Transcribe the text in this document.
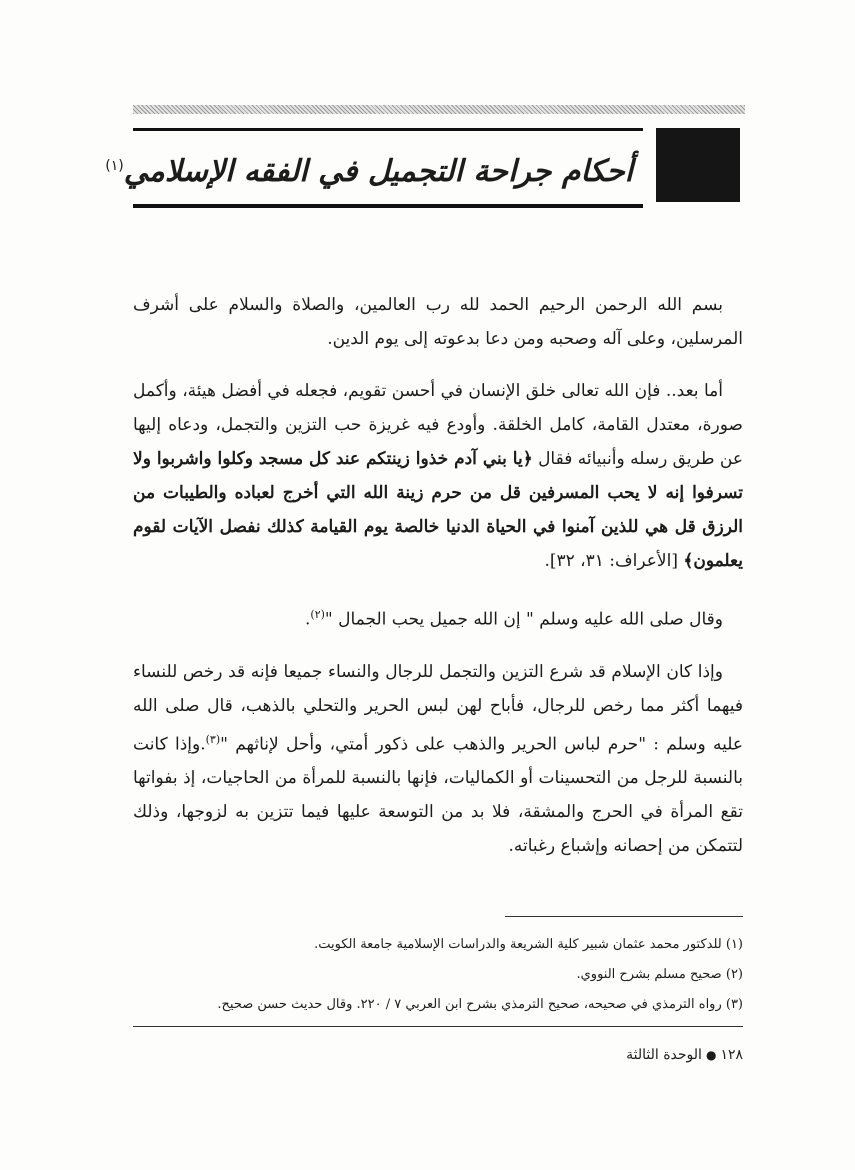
أحكام جراحة التجميل في الفقه الإسلامي$^{(١)}$

بسم الله الرحمن الرحيم الحمد لله رب العالمين، والصلاة والسلام على أشرف المرسلين، وعلى آله وصحبه ومن دعا بدعوته إلى يوم الدين.

أما بعد.. فإن الله تعالى خلق الإنسان في أحسن تقويم، فجعله في أفضل هيئة، وأكمل صورة، معتدل القامة، كامل الخلقة. وأودع فيه غريزة حب التزين والتجمل، ودعاه إليها عن طريق رسله وأنبيائه فقال ﴿يا بني آدم خذوا زينتكم عند كل مسجد وكلوا واشربوا ولا تسرفوا إنه لا يحب المسرفين قل من حرم زينة الله التي أخرج لعباده والطيبات من الرزق قل هي للذين آمنوا في الحياة الدنيا خالصة يوم القيامة كذلك نفصل الآيات لقوم يعلمون﴾ [الأعراف: ٣١، ٣٢].

وقال صلى الله عليه وسلم " إن الله جميل يحب الجمال "$^{(٢)}$.

وإذا كان الإسلام قد شرع التزين والتجمل للرجال والنساء جميعا فإنه قد رخص للنساء فيهما أكثر مما رخص للرجال، فأباح لهن لبس الحرير والتحلي بالذهب، قال صلى الله عليه وسلم : "حرم لباس الحرير والذهب على ذكور أمتي، وأحل لإناثهم "$^{(٣)}$.وإذا كانت بالنسبة للرجل من التحسينات أو الكماليات، فإنها بالنسبة للمرأة من الحاجيات، إذ بفواتها تقع المرأة في الحرج والمشقة، فلا بد من التوسعة عليها فيما تتزين به لزوجها، وذلك لتتمكن من إحصانه وإشباع رغباته.

(١) للدكتور محمد عثمان شبير كلية الشريعة والدراسات الإسلامية جامعة الكويت.
(٢) صحيح مسلم بشرح النووي.
(٣) رواه الترمذي في صحيحه، صحيح الترمذي بشرح ابن العربي ٧ / ٢٢٠. وقال حديث حسن صحيح.
١٢٨●الوحدة الثالثة
